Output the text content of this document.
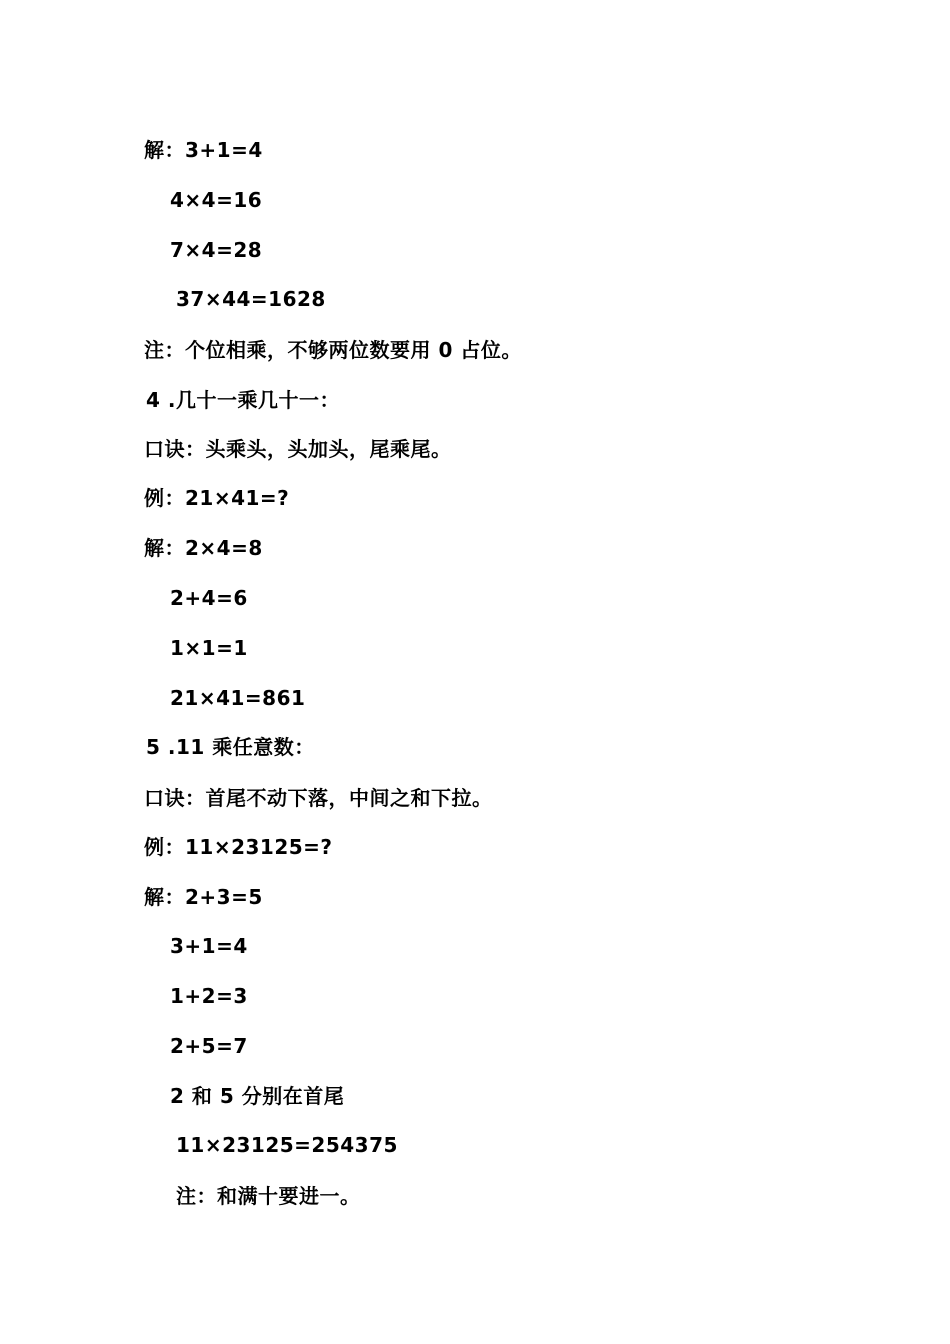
解：3+1=4
4×4=16
7×4=28
37×44=1628
注：个位相乘，不够两位数要用 0 占位。
4 .几十一乘几十一：
口诀：头乘头，头加头，尾乘尾。
例：21×41=?
解：2×4=8
2+4=6
1×1=1
21×41=861
5 .11 乘任意数：
口诀：首尾不动下落，中间之和下拉。
例：11×23125=?
解：2+3=5
3+1=4
1+2=3
2+5=7
2 和 5 分别在首尾
11×23125=254375
注：和满十要进一。
